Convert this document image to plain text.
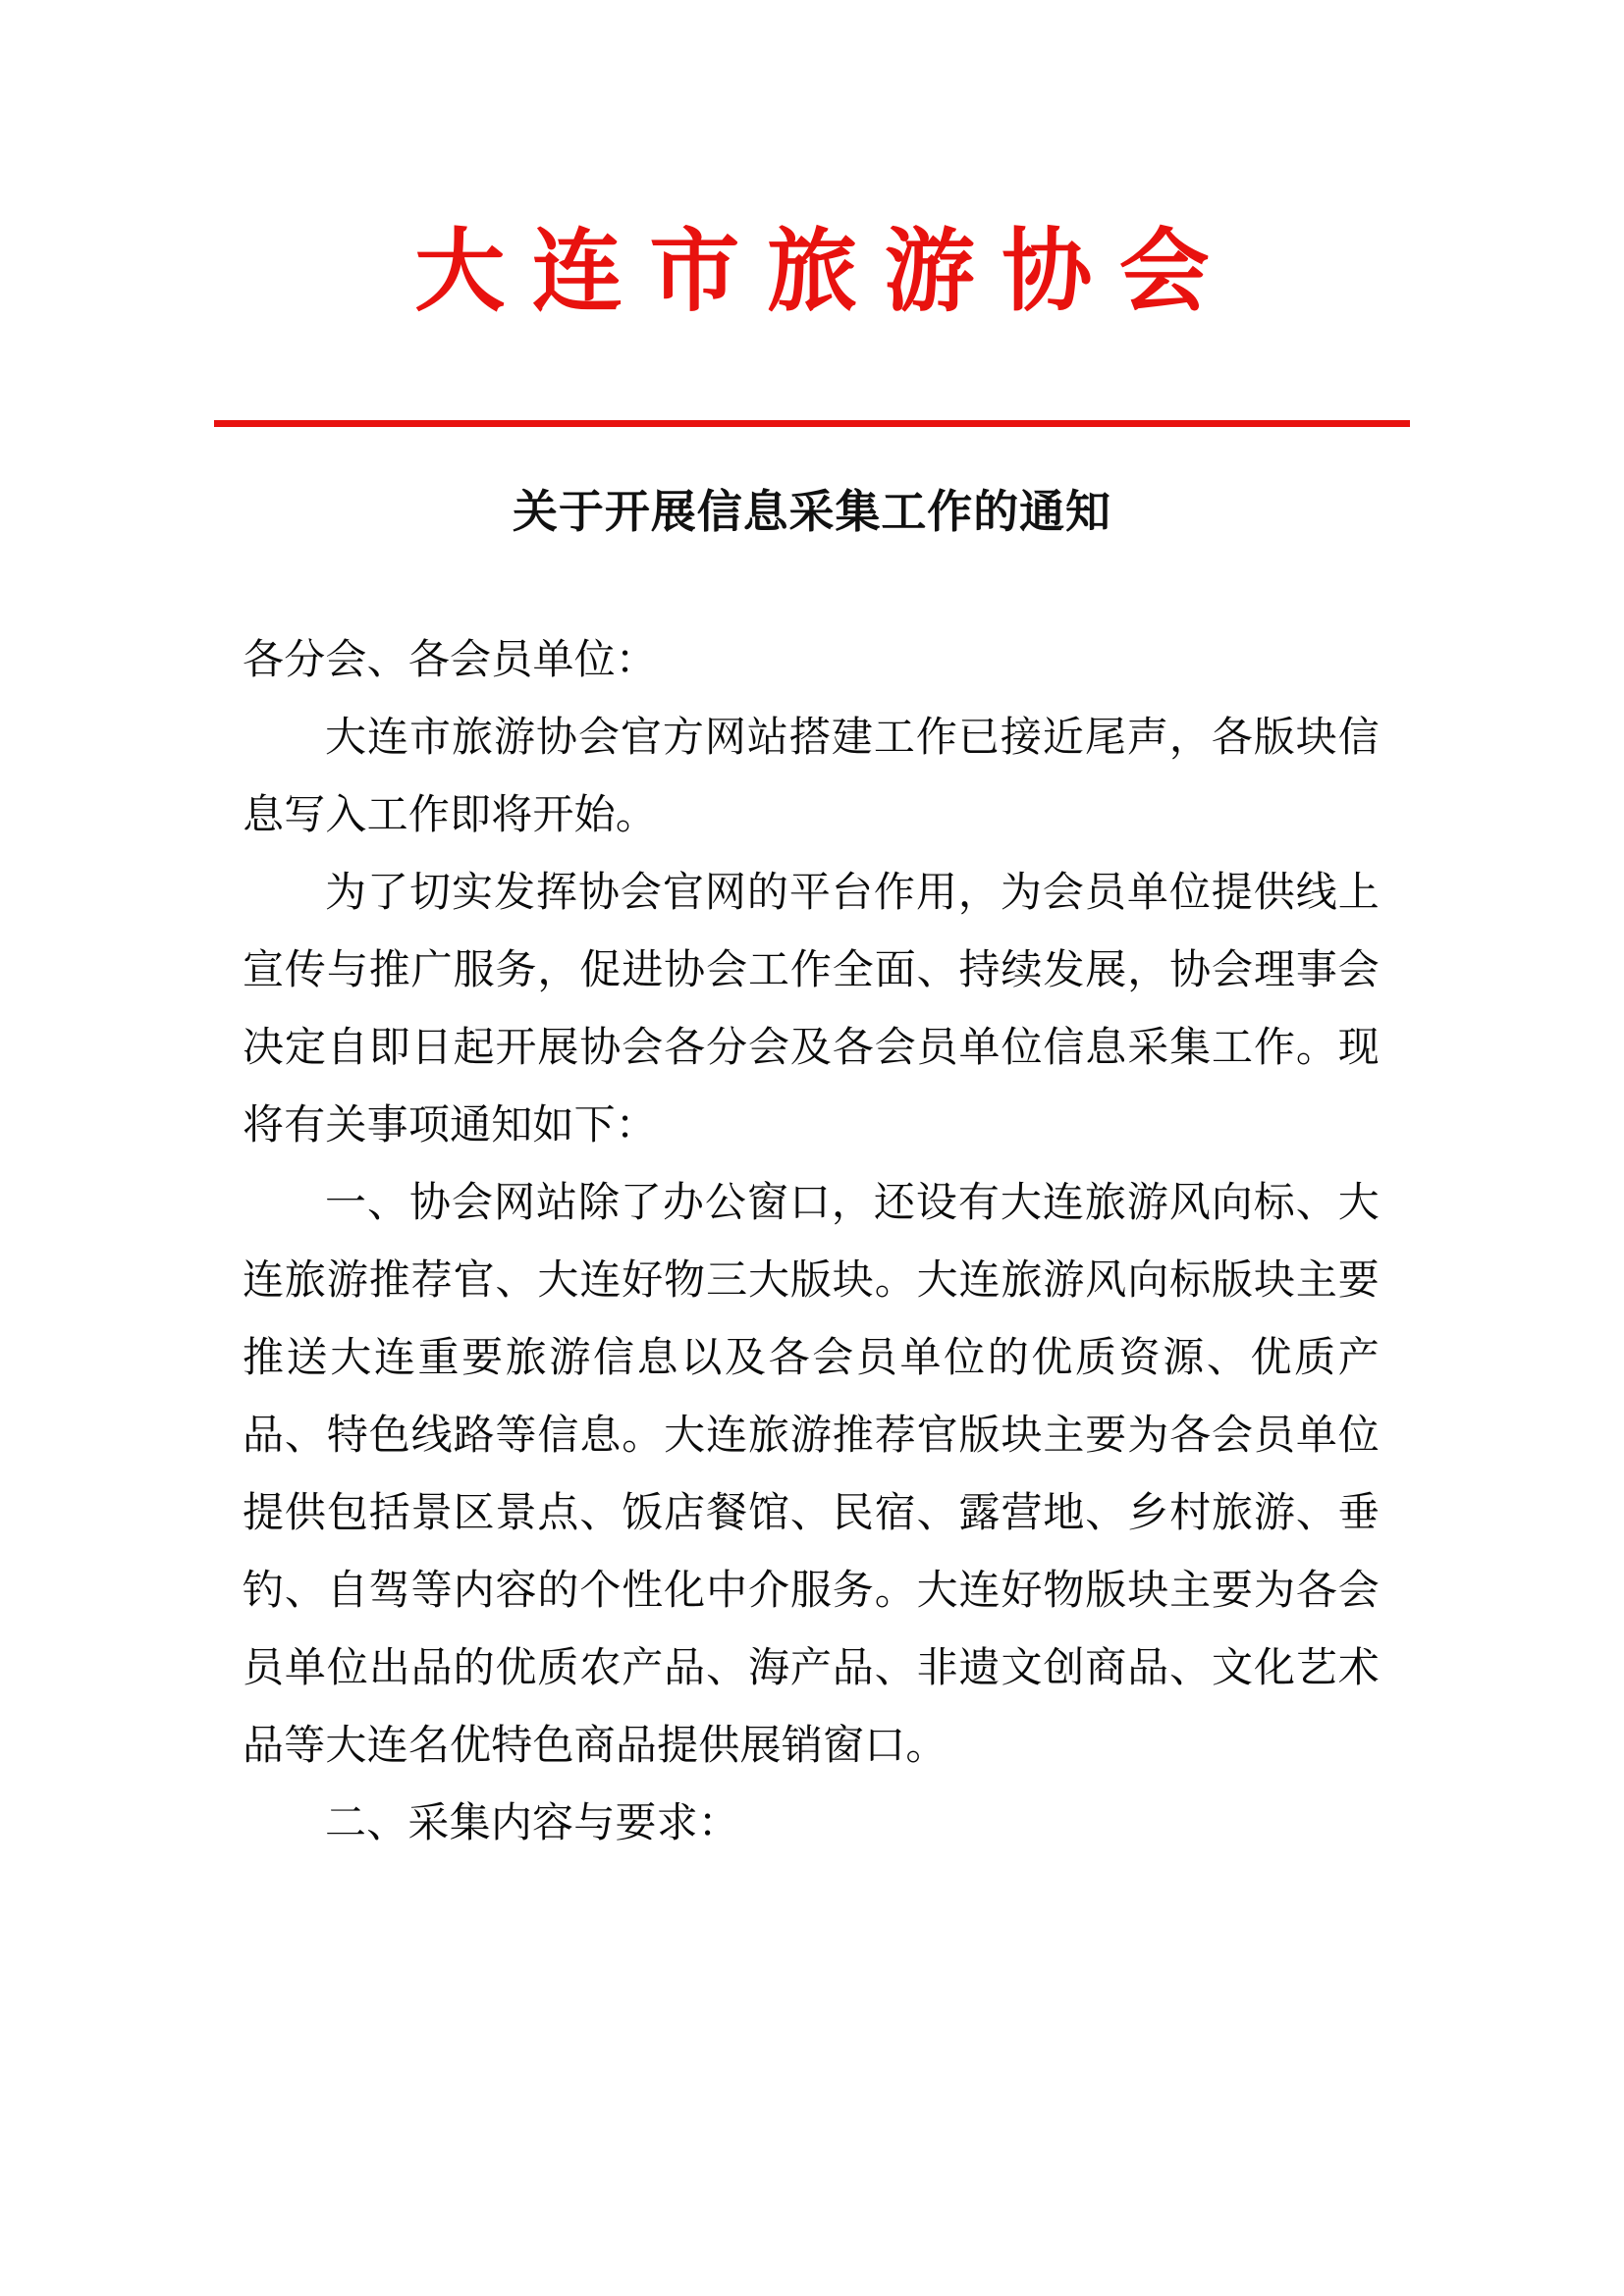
大连市旅游协会
关于开展信息采集工作的通知

各分会、各会员单位：

大连市旅游协会官方网站搭建工作已接近尾声，各版块信息写入工作即将开始。

为了切实发挥协会官网的平台作用，为会员单位提供线上宣传与推广服务，促进协会工作全面、持续发展，协会理事会决定自即日起开展协会各分会及各会员单位信息采集工作。现将有关事项通知如下：

一、协会网站除了办公窗口，还设有大连旅游风向标、大连旅游推荐官、大连好物三大版块。大连旅游风向标版块主要推送大连重要旅游信息以及各会员单位的优质资源、优质产品、特色线路等信息。大连旅游推荐官版块主要为各会员单位提供包括景区景点、饭店餐馆、民宿、露营地、乡村旅游、垂钓、自驾等内容的个性化中介服务。大连好物版块主要为各会员单位出品的优质农产品、海产品、非遗文创商品、文化艺术品等大连名优特色商品提供展销窗口。

二、采集内容与要求：
